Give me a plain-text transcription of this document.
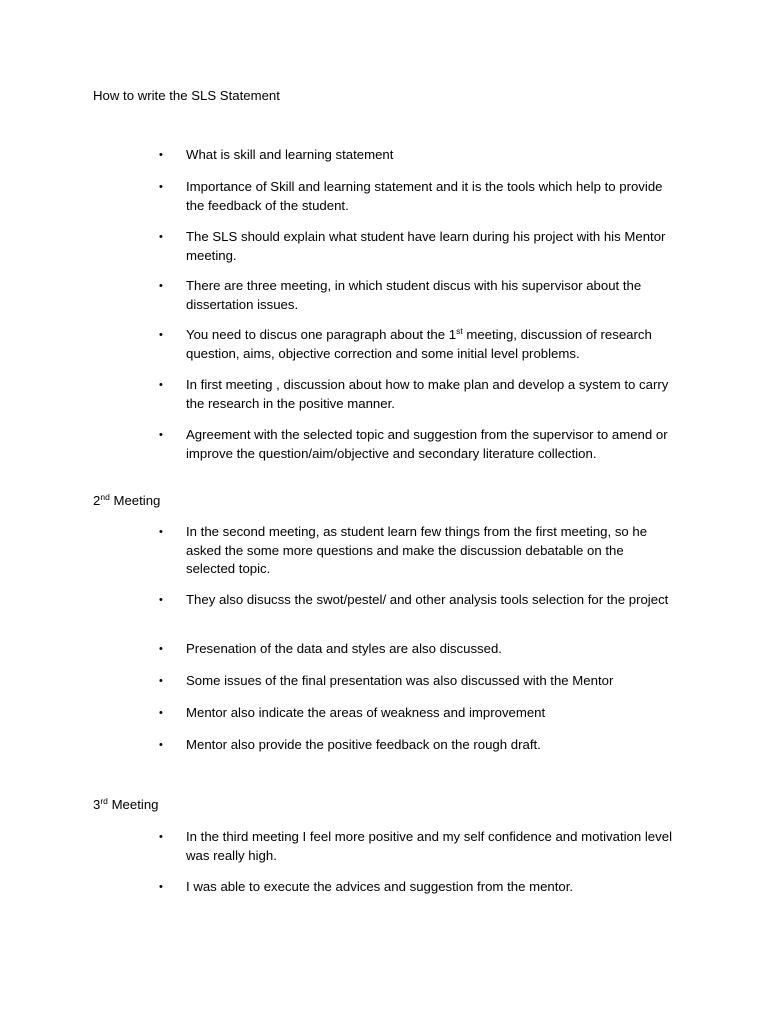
How to write the SLS Statement
• What is skill and learning statement
• Importance of Skill and learning statement and it is the tools which help to provide the feedback of the student.
• The SLS should explain what student have learn during his project with his Mentor meeting.
• There are three meeting, in which student discus with his supervisor about the dissertation issues.
• You need to discus one paragraph about the 1st meeting, discussion of research question, aims, objective correction and some initial level problems.
• In first meeting , discussion about how to make plan and develop a system to carry the research in the positive manner.
• Agreement with the selected topic and suggestion from the supervisor to amend or improve the question/aim/objective and secondary literature collection.
2nd Meeting
• In the second meeting, as student learn few things from the first meeting, so he asked the some more questions and make the discussion debatable on the selected topic.
• They also disucss the swot/pestel/ and other analysis tools selection for the project
• Presenation of the data and styles are also discussed.
• Some issues of the final presentation was also discussed with the Mentor
• Mentor also indicate the areas of weakness and improvement
• Mentor also provide the positive feedback on the rough draft.
3rd Meeting
• In the third meeting I feel more positive and my self confidence and motivation level was really high.
• I was able to execute the advices and suggestion from the mentor.
